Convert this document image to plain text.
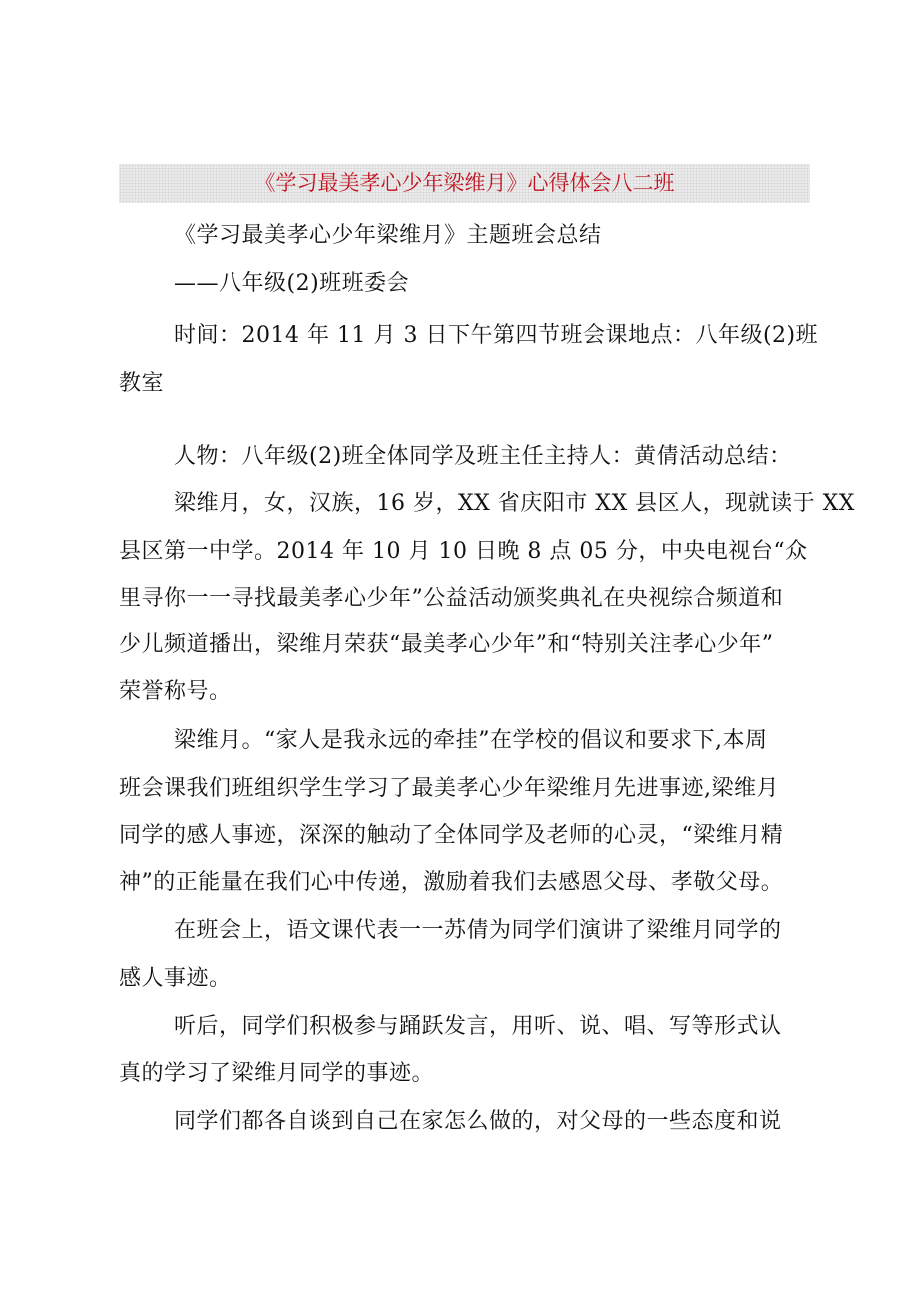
《学习最美孝心少年梁维月》心得体会八二班
《学习最美孝心少年梁维月》主题班会总结
——八年级(2)班班委会
时间：2014 年 11 月 3 日下午第四节班会课地点：八年级(2)班
教室
人物：八年级(2)班全体同学及班主任主持人：黄倩活动总结：
梁维月，女，汉族，16 岁，XX 省庆阳市 XX 县区人，现就读于 XX
县区第一中学。2014 年 10 月 10 日晚 8 点 05 分，中央电视台“众
里寻你一一寻找最美孝心少年”公益活动颁奖典礼在央视综合频道和
少儿频道播出，梁维月荣获“最美孝心少年”和“特别关注孝心少年”
荣誉称号。
梁维月。“家人是我永远的牵挂”在学校的倡议和要求下,本周
班会课我们班组织学生学习了最美孝心少年梁维月先进事迹,梁维月
同学的感人事迹，深深的触动了全体同学及老师的心灵，“梁维月精
神”的正能量在我们心中传递，激励着我们去感恩父母、孝敬父母。
在班会上，语文课代表一一苏倩为同学们演讲了梁维月同学的
感人事迹。
听后，同学们积极参与踊跃发言，用听、说、唱、写等形式认
真的学习了梁维月同学的事迹。
同学们都各自谈到自己在家怎么做的，对父母的一些态度和说
